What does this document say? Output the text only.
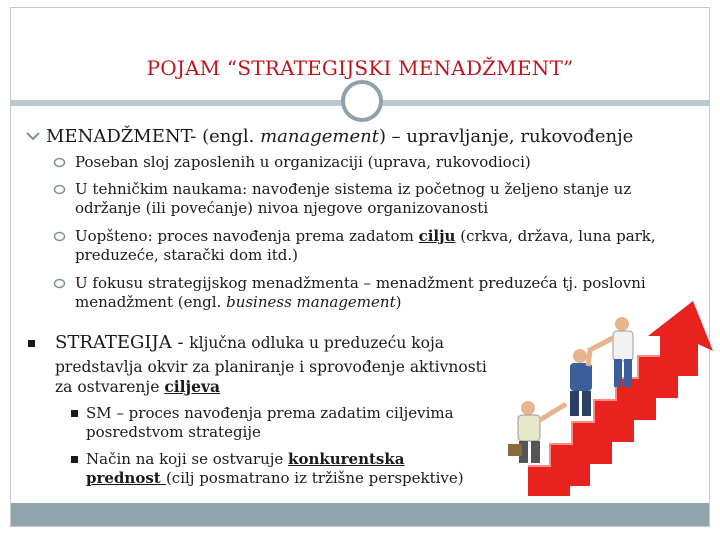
POJAM “STRATEGIJSKI MENADŽMENT”
MENADŽMENT- (engl. management) – upravljanje, rukovođenje
Poseban sloj zaposlenih u organizaciji (uprava, rukovodioci)
U tehničkim naukama: navođenje sistema iz početnog u željeno stanje uz
održanje (ili povećanje) nivoa njegove organizovanosti
Uopšteno: proces navođenja prema zadatom cilju (crkva, država, luna park,
preduzeće, starački dom itd.)
U fokusu strategijskog menadžmenta – menadžment preduzeća tj. poslovni
menadžment (engl. business management)
STRATEGIJA - ključna odluka u preduzeću koja
predstavlja okvir za planiranje i sprovođenje aktivnosti
za ostvarenje ciljeva
SM – proces navođenja prema zadatim ciljevima
posredstvom strategije
Način na koji se ostvaruje konkurentska
prednost (cilj posmatrano iz tržišne perspektive)
